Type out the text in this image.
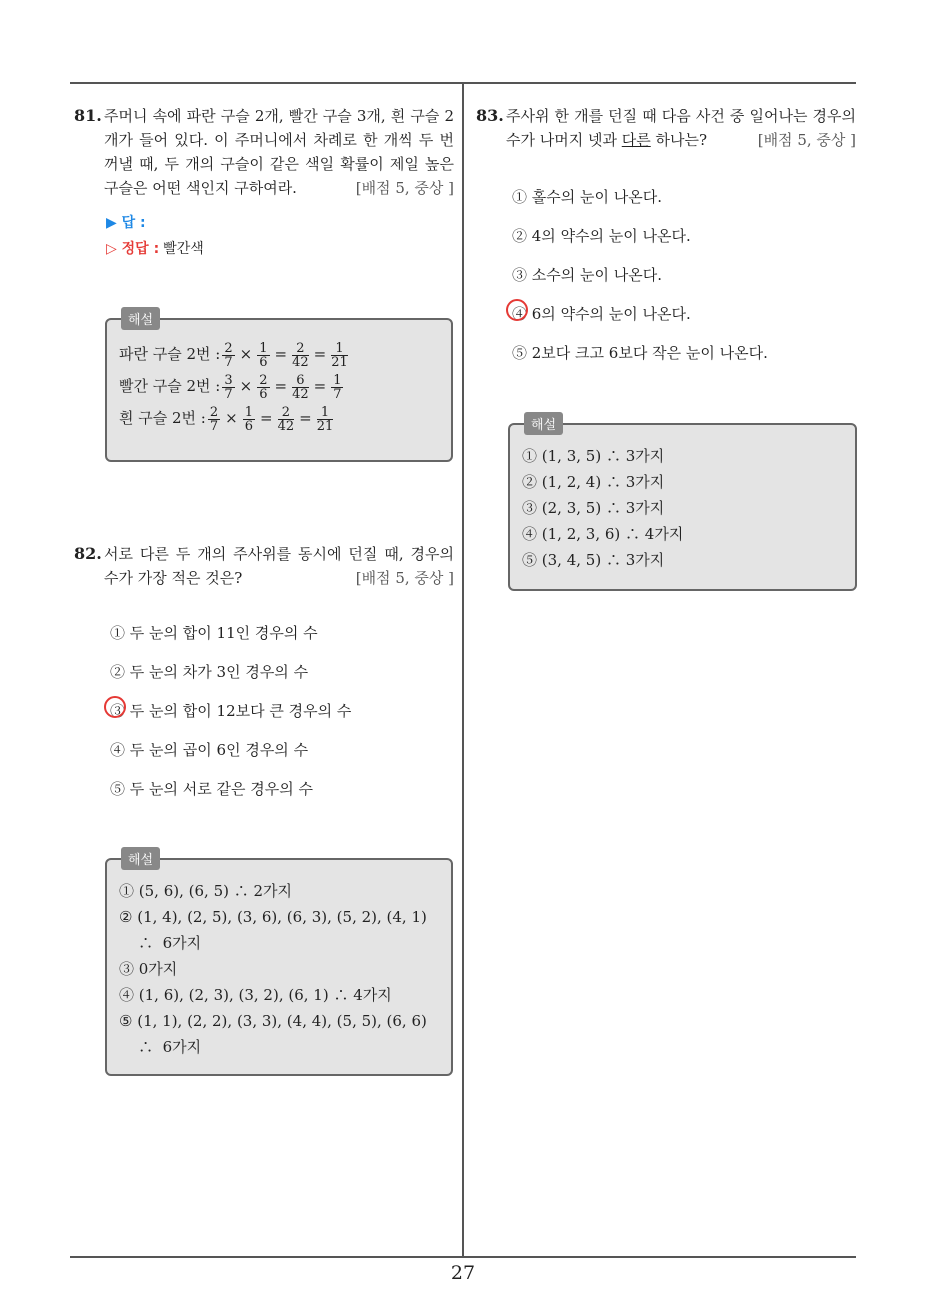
81. 주머니 속에 파란 구슬 2개, 빨간 구슬 3개, 흰 구슬 2개가 들어 있다. 이 주머니에서 차례로 한 개씩 두 번 꺼낼 때, 두 개의 구슬이 같은 색일 확률이 제일 높은 구슬은 어떤 색인지 구하여라.	[배점 5, 중상 ]
▶ 답 :
▷ 정답 : 빨간색
해설
파란 구슬 2번 : $\frac{2}{7} \times \frac{1}{6} = \frac{2}{42} = \frac{1}{21}$
빨간 구슬 2번 : $\frac{3}{7} \times \frac{2}{6} = \frac{6}{42} = \frac{1}{7}$
흰 구슬 2번 : $\frac{2}{7} \times \frac{1}{6} = \frac{2}{42} = \frac{1}{21}$
82. 서로 다른 두 개의 주사위를 동시에 던질 때, 경우의 수가 가장 적은 것은?	[배점 5, 중상 ]
① 두 눈의 합이 11인 경우의 수
② 두 눈의 차가 3인 경우의 수
③ 두 눈의 합이 12보다 큰 경우의 수
④ 두 눈의 곱이 6인 경우의 수
⑤ 두 눈의 서로 같은 경우의 수
해설
① (5, 6), (6, 5) ∴ 2가지
② (1, 4), (2, 5), (3, 6), (6, 3), (5, 2), (4, 1)
∴  6가지
③ 0가지
④ (1, 6), (2, 3), (3, 2), (6, 1) ∴ 4가지
⑤ (1, 1), (2, 2), (3, 3), (4, 4), (5, 5), (6, 6)
∴  6가지
83. 주사위 한 개를 던질 때 다음 사건 중 일어나는 경우의 수가 나머지 넷과 다른 하나는?	[배점 5, 중상 ]
① 홀수의 눈이 나온다.
② 4의 약수의 눈이 나온다.
③ 소수의 눈이 나온다.
④ 6의 약수의 눈이 나온다.
⑤ 2보다 크고 6보다 작은 눈이 나온다.
해설
① (1, 3, 5) ∴ 3가지
② (1, 2, 4) ∴ 3가지
③ (2, 3, 5) ∴ 3가지
④ (1, 2, 3, 6) ∴ 4가지
⑤ (3, 4, 5) ∴ 3가지
27
